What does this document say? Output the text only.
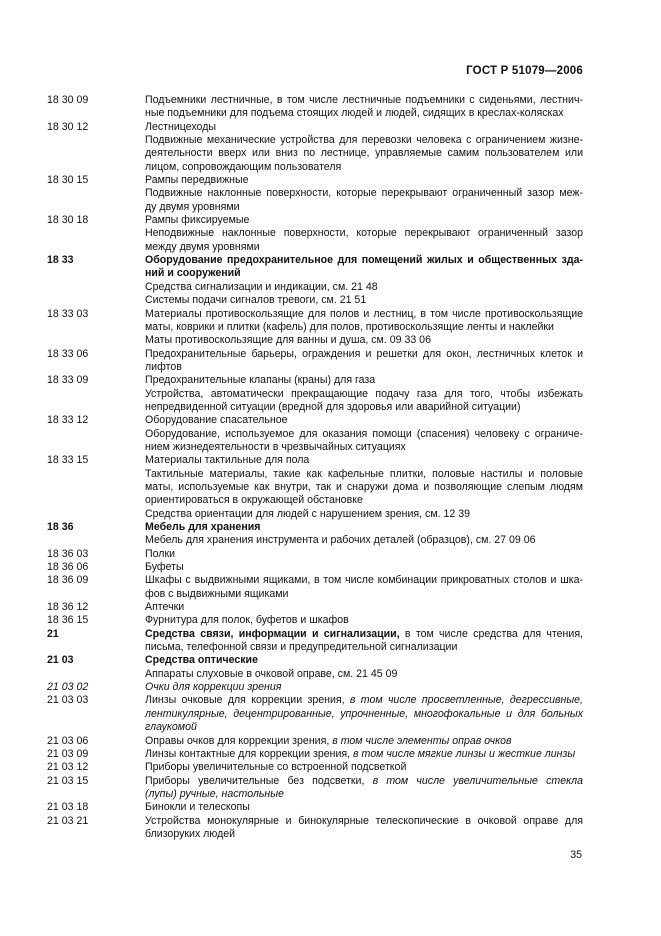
ГОСТ Р 51079—2006
18 30 09	Подъемники лестничные, в том числе лестничные подъемники с сиденьями, лестнич-
ные подъемники для подъема стоящих людей и людей, сидящих в креслах-колясках
18 30 12	Лестницеходы
Подвижные механические устройства для перевозки человека с ограничением жизне-
деятельности вверх или вниз по лестнице, управляемые самим пользователем или
лицом, сопровождающим пользователя
18 30 15	Рампы передвижные
Подвижные наклонные поверхности, которые перекрывают ограниченный зазор меж-
ду двумя уровнями
18 30 18	Рампы фиксируемые
Неподвижные наклонные поверхности, которые перекрывают ограниченный зазор
между двумя уровнями
18 33	Оборудование предохранительное для помещений жилых и общественных зда-
ний и сооружений
Средства сигнализации и индикации, см. 21 48
Системы подачи сигналов тревоги, см. 21 51
18 33 03	Материалы противоскользящие для полов и лестниц, в том числе противоскользящие
маты, коврики и плитки (кафель) для полов, противоскользящие ленты и наклейки
Маты противоскользящие для ванны и душа, см. 09 33 06
18 33 06	Предохранительные барьеры, ограждения и решетки для окон, лестничных клеток и
лифтов
18 33 09	Предохранительные клапаны (краны) для газа
Устройства, автоматически прекращающие подачу газа для того, чтобы избежать
непредвиденной ситуации (вредной для здоровья или аварийной ситуации)
18 33 12	Оборудование спасательное
Оборудование, используемое для оказания помощи (спасения) человеку с ограниче-
нием жизнедеятельности в чрезвычайных ситуациях
18 33 15	Материалы тактильные для пола
Тактильные материалы, такие как кафельные плитки, половые настилы и половые
маты, используемые как внутри, так и снаружи дома и позволяющие слепым людям
ориентироваться в окружающей обстановке
Средства ориентации для людей с нарушением зрения, см. 12 39
18 36	Мебель для хранения
Мебель для хранения инструмента и рабочих деталей (образцов), см. 27 09 06
18 36 03	Полки
18 36 06	Буфеты
18 36 09	Шкафы с выдвижными ящиками, в том числе комбинации прикроватных столов и шка-
фов с выдвижными ящиками
18 36 12	Аптечки
18 36 15	Фурнитура для полок, буфетов и шкафов
21	Средства связи, информации и сигнализации, в том числе средства для чтения,
письма, телефонной связи и предупредительной сигнализации
21 03	Средства оптические
Аппараты слуховые в очковой оправе, см. 21 45 09
21 03 02	Очки для коррекции зрения
21 03 03	Линзы очковые для коррекции зрения, в том числе просветленные, дегрессивные,
лентикулярные, децентрированные, упрочненные, многофокальные и для больных
глаукомой
21 03 06	Оправы очков для коррекции зрения, в том числе элементы оправ очков
21 03 09	Линзы контактные для коррекции зрения, в том числе мягкие линзы и жесткие линзы
21 03 12	Приборы увеличительные со встроенной подсветкой
21 03 15	Приборы увеличительные без подсветки, в том числе увеличительные стекла
(лупы) ручные, настольные
21 03 18	Бинокли и телескопы
21 03 21	Устройства монокулярные и бинокулярные телескопические в очковой оправе для
близоруких людей
35
